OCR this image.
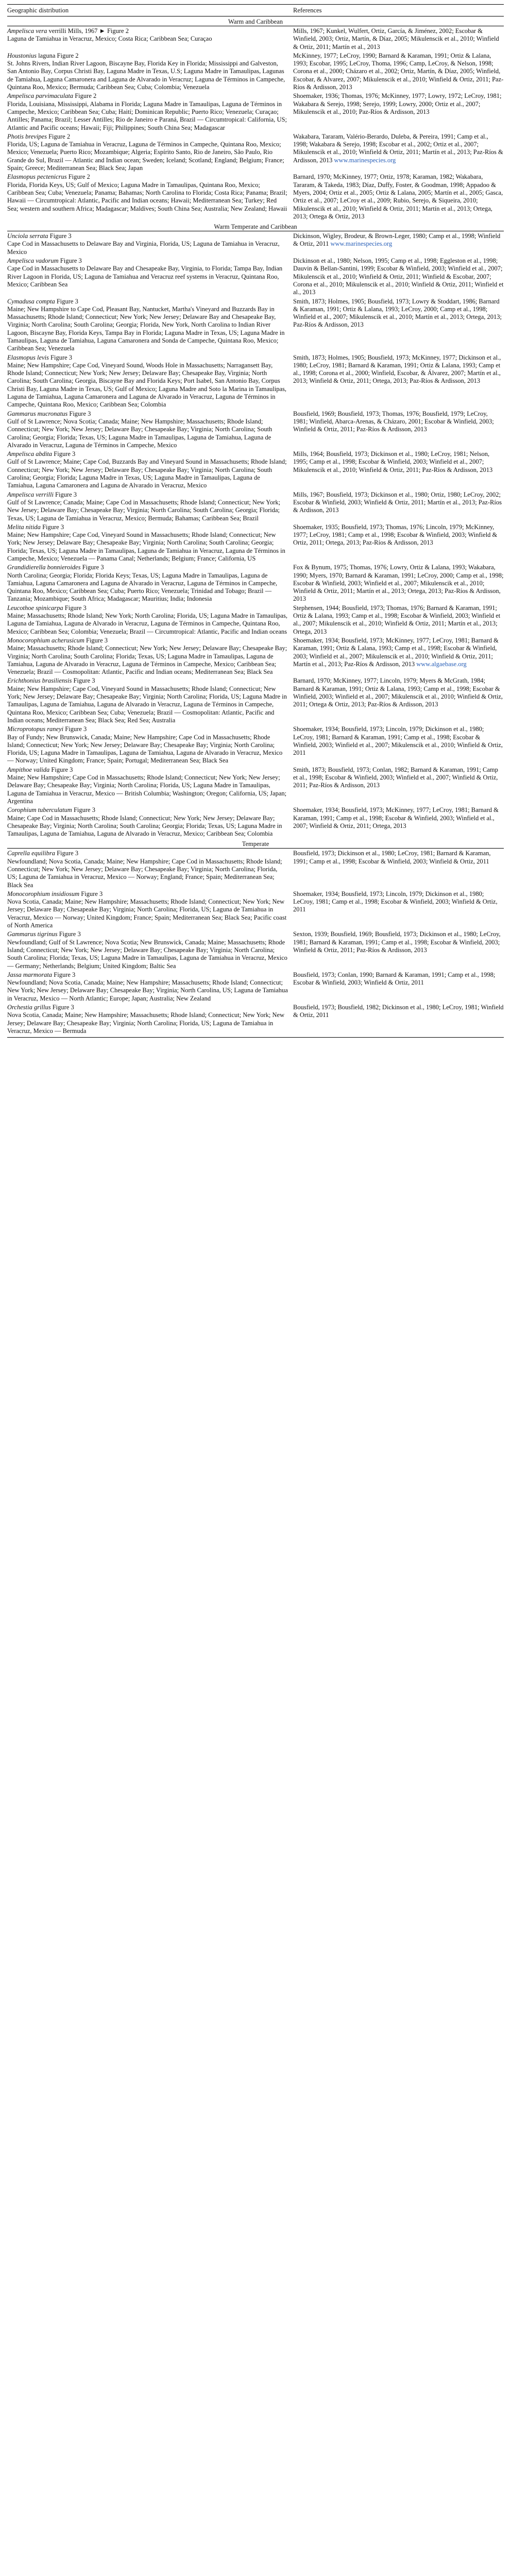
Geographic distribution	References
Warm and Caribbean
Ampelisca vera verrilli Mills, 1967 ► Figure 2
Laguna de Tamiahua in Veracruz, Mexico; Costa Rica; Caribbean Sea; Curaçao
Mills, 1967; Kunkel, Wulfert, Ortiz, García, & Jiménez, 2002; Escobar & Winfield, 2003; Ortiz, Martín, & Díaz, 2005; Mikulenscik et al., 2010; Winfield & Ortiz, 2011; Martín et al., 2013
Houstonius laguna Figure 2
St. Johns Rivers, Indian River Lagoon, Biscayne Bay, Florida Key in Florida; Mississippi and Galveston, San Antonio Bay, Corpus Christi Bay, Laguna Madre in Texas, U.S; Laguna Madre in Tamaulipas, Lagunas de Tamiahua, Laguna Camaronera and Laguna de Alvarado in Veracruz; Laguna de Términos in Campeche, Quintana Roo, Mexico; Bermuda; Caribbean Sea; Cuba; Colombia; Venezuela
McKinney, 1977; LeCroy, 1990; Barnard & Karaman, 1991; Ortiz & Lalana, 1993; Escobar, 1995; LeCroy, Thoma, 1996; Camp, LeCroy, & Nelson, 1998; Corona et al., 2000; Cházaro et al., 2002; Ortiz, Martín, & Díaz, 2005; Winfield, Escobar, & Alvarez, 2007; Mikulenscik et al., 2010; Winfield & Ortiz, 2011; Paz-Ríos & Ardisson, 2013
Ampelisca parvimaculata Figure 2
Florida, Louisiana, Mississippi, Alabama in Florida; Laguna Madre in Tamaulipas, Laguna de Términos in Campeche, Mexico; Caribbean Sea; Cuba; Haití; Dominican Republic; Puerto Rico; Venezuela; Curaçao; Antilles; Panama; Brazil; Lesser Antilles; Rio de Janeiro e Paraná, Brazil — Circumtropical: California, US; Atlantic and Pacific oceans; Hawaii; Fiji; Philippines; South China Sea; Madagascar
Shoemaker, 1936; Thomas, 1976; McKinney, 1977; Lowry, 1972; LeCroy, 1981; Wakabara & Serejo, 1998; Serejo, 1999; Lowry, 2000; Ortiz et al., 2007; Mikulenscik et al., 2010; Paz-Ríos & Ardisson, 2013
Photis brevipes Figure 2
Florida, US; Laguna de Tamiahua in Veracruz, Laguna de Términos in Campeche, Quintana Roo, Mexico; Mexico; Venezuela; Puerto Rico; Mozambique; Algeria; Espírito Santo, Rio de Janeiro, São Paulo, Rio Grande do Sul, Brazil — Atlantic and Indian ocean; Sweden; Iceland; Scotland; England; Belgium; France; Spain; Greece; Mediterranean Sea; Black Sea; Japan
Wakabara, Tararam, Valério-Berardo, Duleba, & Pereira, 1991; Camp et al., 1998; Wakabara & Serejo, 1998; Escobar et al., 2002; Ortiz et al., 2007; Mikulenscik et al., 2010; Winfield & Ortiz, 2011; Martín et al., 2013; Paz-Ríos & Ardisson, 2013 www.marinespecies.org
Elasmopus pectenicrus Figure 2
Florida, Florida Keys, US; Gulf of Mexico; Laguna Madre in Tamaulipas, Quintana Roo, Mexico; Caribbean Sea; Cuba; Venezuela; Panama; Bahamas; North Carolina to Florida; Costa Rica; Panama; Brazil; Hawaii — Circumtropical: Atlantic, Pacific and Indian oceans; Hawaii; Mediterranean Sea; Turkey; Red Sea; western and southern Africa; Madagascar; Maldives; South China Sea; Australia; New Zealand; Hawaii
Barnard, 1970; McKinney, 1977; Ortiz, 1978; Karaman, 1982; Wakabara, Tararam, & Takeda, 1983; Díaz, Duffy, Foster, & Goodman, 1998; Appadoo & Myers, 2004; Ortiz et al., 2005; Ortiz & Lalana, 2005; Martín et al., 2005; Gasca, Ortiz et al., 2007; LeCroy et al., 2009; Rubio, Serejo, & Siqueira, 2010; Mikulenscik et al., 2010; Winfield & Ortiz, 2011; Martín et al., 2013; Ortega, 2013; Ortega & Ortiz, 2013
Warm Temperate and Caribbean
Unciola serrata Figure 3
Cape Cod in Massachusetts to Delaware Bay and Virginia, Florida, US; Laguna de Tamiahua in Veracruz, Mexico
Dickinson, Wigley, Brodeur, & Brown-Leger, 1980; Camp et al., 1998; Winfield & Ortiz, 2011 www.marinespecies.org
Ampelisca vadorum Figure 3
Cape Cod in Massachusetts to Delaware Bay and Chesapeake Bay, Virginia, to Florida; Tampa Bay, Indian River Lagoon in Florida, US; Laguna de Tamiahua and Veracruz reef systems in Veracruz, Quintana Roo, Mexico; Caribbean Sea
Dickinson et al., 1980; Nelson, 1995; Camp et al., 1998; Eggleston et al., 1998; Dauvin & Bellan-Santini, 1999; Escobar & Winfield, 2003; Winfield et al., 2007; Mikulenscik et al., 2010; Winfield & Ortiz, 2011; Winfield & Escobar, 2007; Corona et al., 2010; Mikulenscik et al., 2010; Winfield & Ortiz, 2011; Winfield et al., 2013
Cymadusa compta Figure 3
Maine; New Hampshire to Cape Cod, Pleasant Bay, Nantucket, Martha's Vineyard and Buzzards Bay in Massachusetts; Rhode Island; Connecticut; New York; New Jersey; Delaware Bay and Chesapeake Bay, Virginia; North Carolina; South Carolina; Georgia; Florida, New York, North Carolina to Indian River Lagoon, Biscayne Bay, Florida Keys, Tampa Bay in Florida; Laguna Madre in Texas, US; Laguna Madre in Tamaulipas, Laguna de Tamiahua, Laguna Camaronera and Sonda de Campeche, Quintana Roo, Mexico; Caribbean Sea; Venezuela
Smith, 1873; Holmes, 1905; Bousfield, 1973; Lowry & Stoddart, 1986; Barnard & Karaman, 1991; Ortiz & Lalana, 1993; LeCroy, 2000; Camp et al., 1998; Winfield et al., 2007; Mikulenscik et al., 2010; Martín et al., 2013; Ortega, 2013; Paz-Ríos & Ardisson, 2013
Elasmopus levis Figure 3
Maine; New Hampshire; Cape Cod, Vineyard Sound, Woods Hole in Massachusetts; Narragansett Bay, Rhode Island; Connecticut; New York; New Jersey; Delaware Bay; Chesapeake Bay, Virginia; North Carolina; South Carolina; Georgia, Biscayne Bay and Florida Keys; Port Isabel, San Antonio Bay, Corpus Christi Bay, Laguna Madre in Texas, US; Gulf of Mexico; Laguna Madre and Soto la Marina in Tamaulipas, Laguna de Tamiahua, Laguna Camaronera and Laguna de Alvarado in Veracruz, Laguna de Términos in Campeche, Quintana Roo, Mexico; Caribbean Sea; Colombia
Smith, 1873; Holmes, 1905; Bousfield, 1973; McKinney, 1977; Dickinson et al., 1980; LeCroy, 1981; Barnard & Karaman, 1991; Ortiz & Lalana, 1993; Camp et al., 1998; Corona et al., 2000; Winfield, Escobar, & Álvarez, 2007; Martín et al., 2013; Winfield & Ortiz, 2011; Ortega, 2013; Paz-Ríos & Ardisson, 2013
Gammarus mucronatus Figure 3
Gulf of St Lawrence; Nova Scotia; Canada; Maine; New Hampshire; Massachusetts; Rhode Island; Connecticut; New York; New Jersey; Delaware Bay; Chesapeake Bay; Virginia; North Carolina; South Carolina; Georgia; Florida; Texas, US; Laguna Madre in Tamaulipas, Laguna de Tamiahua, Laguna de Alvarado in Veracruz, Laguna de Términos in Campeche, Mexico
Bousfield, 1969; Bousfield, 1973; Thomas, 1976; Bousfield, 1979; LeCroy, 1981; Winfield, Abarca-Arenas, & Cházaro, 2001; Escobar & Winfield, 2003; Winfield & Ortiz, 2011; Paz-Ríos & Ardisson, 2013
Ampelisca abdita Figure 3
Gulf of St Lawrence; Maine; Cape Cod, Buzzards Bay and Vineyard Sound in Massachusetts; Rhode Island; Connecticut; New York; New Jersey; Delaware Bay; Chesapeake Bay; Virginia; North Carolina; South Carolina; Georgia; Florida; Laguna Madre in Texas, US; Laguna Madre in Tamaulipas, Laguna de Tamiahua, Laguna Camaronera and Laguna de Alvarado in Veracruz, Mexico
Mills, 1964; Bousfield, 1973; Dickinson et al., 1980; LeCroy, 1981; Nelson, 1995; Camp et al., 1998; Escobar & Winfield, 2003; Winfield et al., 2007; Mikulenscik et al., 2010; Winfield & Ortiz, 2011; Paz-Ríos & Ardisson, 2013
Ampelisca verrilli Figure 3
Gulf of St Lawrence; Canada; Maine; Cape Cod in Massachusetts; Rhode Island; Connecticut; New York; New Jersey; Delaware Bay; Chesapeake Bay; Virginia; North Carolina; South Carolina; Georgia; Florida; Texas, US; Laguna de Tamiahua in Veracruz, Mexico; Bermuda; Bahamas; Caribbean Sea; Brazil
Mills, 1967; Bousfield, 1973; Dickinson et al., 1980; Ortiz, 1980; LeCroy, 2002; Escobar & Winfield, 2003; Winfield & Ortiz, 2011; Martín et al., 2013; Paz-Ríos & Ardisson, 2013
Melita nitida Figure 3
Maine; New Hampshire; Cape Cod, Vineyard Sound in Massachusetts; Rhode Island; Connecticut; New York; New Jersey; Delaware Bay; Chesapeake Bay; Virginia; North Carolina; South Carolina; Georgia; Florida; Texas, US; Laguna Madre in Tamaulipas, Laguna de Tamiahua in Veracruz, Laguna de Términos in Campeche, Mexico; Venezuela — Panama Canal; Netherlands; Belgium; France; California, US
Shoemaker, 1935; Bousfield, 1973; Thomas, 1976; Lincoln, 1979; McKinney, 1977; LeCroy, 1981; Camp et al., 1998; Escobar & Winfield, 2003; Winfield & Ortiz, 2011; Ortega, 2013; Paz-Ríos & Ardisson, 2013
Grandidierella bonnieroides Figure 3
North Carolina; Georgia; Florida; Florida Keys; Texas, US; Laguna Madre in Tamaulipas, Laguna de Tamiahua, Laguna Camaronera and Laguna de Alvarado in Veracruz, Laguna de Términos in Campeche, Quintana Roo, Mexico; Caribbean Sea; Cuba; Puerto Rico; Venezuela; Trinidad and Tobago; Brazil — Tanzania; Mozambique; South Africa; Madagascar; Mauritius; India; Indonesia
Fox & Bynum, 1975; Thomas, 1976; Lowry, Ortiz & Lalana, 1993; Wakabara, 1990; Myers, 1970; Barnard & Karaman, 1991; LeCroy, 2000; Camp et al., 1998; Escobar & Winfield, 2003; Winfield et al., 2007; Mikulenscik et al., 2010; Winfield & Ortiz, 2011; Martín et al., 2013; Ortega, 2013; Paz-Ríos & Ardisson, 2013
Leucothoe spinicarpa Figure 3
Maine; Massachusetts; Rhode Island; New York; North Carolina; Florida, US; Laguna Madre in Tamaulipas, Laguna de Tamiahua, Laguna de Alvarado in Veracruz, Laguna de Términos in Campeche, Quintana Roo, Mexico; Caribbean Sea; Colombia; Venezuela; Brazil — Circumtropical: Atlantic, Pacific and Indian oceans
Stephensen, 1944; Bousfield, 1973; Thomas, 1976; Barnard & Karaman, 1991; Ortiz & Lalana, 1993; Camp et al., 1998; Escobar & Winfield, 2003; Winfield et al., 2007; Mikulenscik et al., 2010; Winfield & Ortiz, 2011; Martín et al., 2013; Ortega, 2013
Monocorophium acherusicum Figure 3
Maine; Massachusetts; Rhode Island; Connecticut; New York; New Jersey; Delaware Bay; Chesapeake Bay; Virginia; North Carolina; South Carolina; Florida; Texas, US; Laguna Madre in Tamaulipas, Laguna de Tamiahua, Laguna de Alvarado in Veracruz, Laguna de Términos in Campeche, Mexico; Caribbean Sea; Venezuela; Brazil — Cosmopolitan: Atlantic, Pacific and Indian oceans; Mediterranean Sea; Black Sea
Shoemaker, 1934; Bousfield, 1973; McKinney, 1977; LeCroy, 1981; Barnard & Karaman, 1991; Ortiz & Lalana, 1993; Camp et al., 1998; Escobar & Winfield, 2003; Winfield et al., 2007; Mikulenscik et al., 2010; Winfield & Ortiz, 2011; Martín et al., 2013; Paz-Ríos & Ardisson, 2013 www.algaebase.org
Erichthonius brasiliensis Figure 3
Maine; New Hampshire; Cape Cod, Vineyard Sound in Massachusetts; Rhode Island; Connecticut; New York; New Jersey; Delaware Bay; Chesapeake Bay; Virginia; North Carolina; Florida, US; Laguna Madre in Tamaulipas, Laguna de Tamiahua, Laguna de Alvarado in Veracruz, Laguna de Términos in Campeche, Quintana Roo, Mexico; Caribbean Sea; Cuba; Venezuela; Brazil — Cosmopolitan: Atlantic, Pacific and Indian oceans; Mediterranean Sea; Black Sea; Red Sea; Australia
Barnard, 1970; McKinney, 1977; Lincoln, 1979; Myers & McGrath, 1984; Barnard & Karaman, 1991; Ortiz & Lalana, 1993; Camp et al., 1998; Escobar & Winfield, 2003; Winfield et al., 2007; Mikulenscik et al., 2010; Winfield & Ortiz, 2011; Ortega & Ortiz, 2013; Paz-Ríos & Ardisson, 2013
Microprotopus raneyi Figure 3
Bay of Fundy; New Brunswick, Canada; Maine; New Hampshire; Cape Cod in Massachusetts; Rhode Island; Connecticut; New York; New Jersey; Delaware Bay; Chesapeake Bay; Virginia; North Carolina; Florida, US; Laguna Madre in Tamaulipas, Laguna de Tamiahua, Laguna de Alvarado in Veracruz, Mexico — Norway; United Kingdom; France; Spain; Portugal; Mediterranean Sea; Black Sea
Shoemaker, 1934; Bousfield, 1973; Lincoln, 1979; Dickinson et al., 1980; LeCroy, 1981; Barnard & Karaman, 1991; Camp et al., 1998; Escobar & Winfield, 2003; Winfield et al., 2007; Mikulenscik et al., 2010; Winfield & Ortiz, 2011
Ampithoe valida Figure 3
Maine; New Hampshire; Cape Cod in Massachusetts; Rhode Island; Connecticut; New York; New Jersey; Delaware Bay; Chesapeake Bay; Virginia; North Carolina; Florida, US; Laguna Madre in Tamaulipas, Laguna de Tamiahua in Veracruz, Mexico — British Columbia; Washington; Oregon; California, US; Japan; Argentina
Smith, 1873; Bousfield, 1973; Conlan, 1982; Barnard & Karaman, 1991; Camp et al., 1998; Escobar & Winfield, 2003; Winfield et al., 2007; Winfield & Ortiz, 2011; Paz-Ríos & Ardisson, 2013
Corophium tuberculatum Figure 3
Maine; Cape Cod in Massachusetts; Rhode Island; Connecticut; New York; New Jersey; Delaware Bay; Chesapeake Bay; Virginia; North Carolina; South Carolina; Georgia; Florida; Texas, US; Laguna Madre in Tamaulipas, Laguna de Tamiahua, Laguna de Alvarado in Veracruz, Mexico; Caribbean Sea; Colombia
Shoemaker, 1934; Bousfield, 1973; McKinney, 1977; LeCroy, 1981; Barnard & Karaman, 1991; Camp et al., 1998; Escobar & Winfield, 2003; Winfield et al., 2007; Winfield & Ortiz, 2011; Ortega, 2013
Temperate
Caprella equilibra Figure 3
Newfoundland; Nova Scotia, Canada; Maine; New Hampshire; Cape Cod in Massachusetts; Rhode Island; Connecticut; New York; New Jersey; Delaware Bay; Chesapeake Bay; Virginia; North Carolina; Florida, US; Laguna de Tamiahua in Veracruz, Mexico — Norway; England; France; Spain; Mediterranean Sea; Black Sea
Bousfield, 1973; Dickinson et al., 1980; LeCroy, 1981; Barnard & Karaman, 1991; Camp et al., 1998; Escobar & Winfield, 2003; Winfield & Ortiz, 2011
Monocorophium insidiosum Figure 3
Nova Scotia, Canada; Maine; New Hampshire; Massachusetts; Rhode Island; Connecticut; New York; New Jersey; Delaware Bay; Chesapeake Bay; Virginia; North Carolina; Florida, US; Laguna de Tamiahua in Veracruz, Mexico — Norway; United Kingdom; France; Spain; Mediterranean Sea; Black Sea; Pacific coast of North America
Shoemaker, 1934; Bousfield, 1973; Lincoln, 1979; Dickinson et al., 1980; LeCroy, 1981; Camp et al., 1998; Escobar & Winfield, 2003; Winfield & Ortiz, 2011
Gammarus tigrinus Figure 3
Newfoundland; Gulf of St Lawrence; Nova Scotia; New Brunswick, Canada; Maine; Massachusetts; Rhode Island; Connecticut; New York; New Jersey; Delaware Bay; Chesapeake Bay; Virginia; North Carolina; South Carolina; Florida; Texas, US; Laguna Madre in Tamaulipas, Laguna de Tamiahua in Veracruz, Mexico — Germany; Netherlands; Belgium; United Kingdom; Baltic Sea
Sexton, 1939; Bousfield, 1969; Bousfield, 1973; Dickinson et al., 1980; LeCroy, 1981; Barnard & Karaman, 1991; Camp et al., 1998; Escobar & Winfield, 2003; Winfield & Ortiz, 2011; Paz-Ríos & Ardisson, 2013
Jassa marmorata Figure 3
Newfoundland; Nova Scotia, Canada; Maine; New Hampshire; Massachusetts; Rhode Island; Connecticut; New York; New Jersey; Delaware Bay; Chesapeake Bay; Virginia; North Carolina, US; Laguna de Tamiahua in Veracruz, Mexico — North Atlantic; Europe; Japan; Australia; New Zealand
Bousfield, 1973; Conlan, 1990; Barnard & Karaman, 1991; Camp et al., 1998; Escobar & Winfield, 2003; Winfield & Ortiz, 2011
Orchestia grillus Figure 3
Nova Scotia, Canada; Maine; New Hampshire; Massachusetts; Rhode Island; Connecticut; New York; New Jersey; Delaware Bay; Chesapeake Bay; Virginia; North Carolina; Florida, US; Laguna de Tamiahua in Veracruz, Mexico — Bermuda
Bousfield, 1973; Bousfield, 1982; Dickinson et al., 1980; LeCroy, 1981; Winfield & Ortiz, 2011
